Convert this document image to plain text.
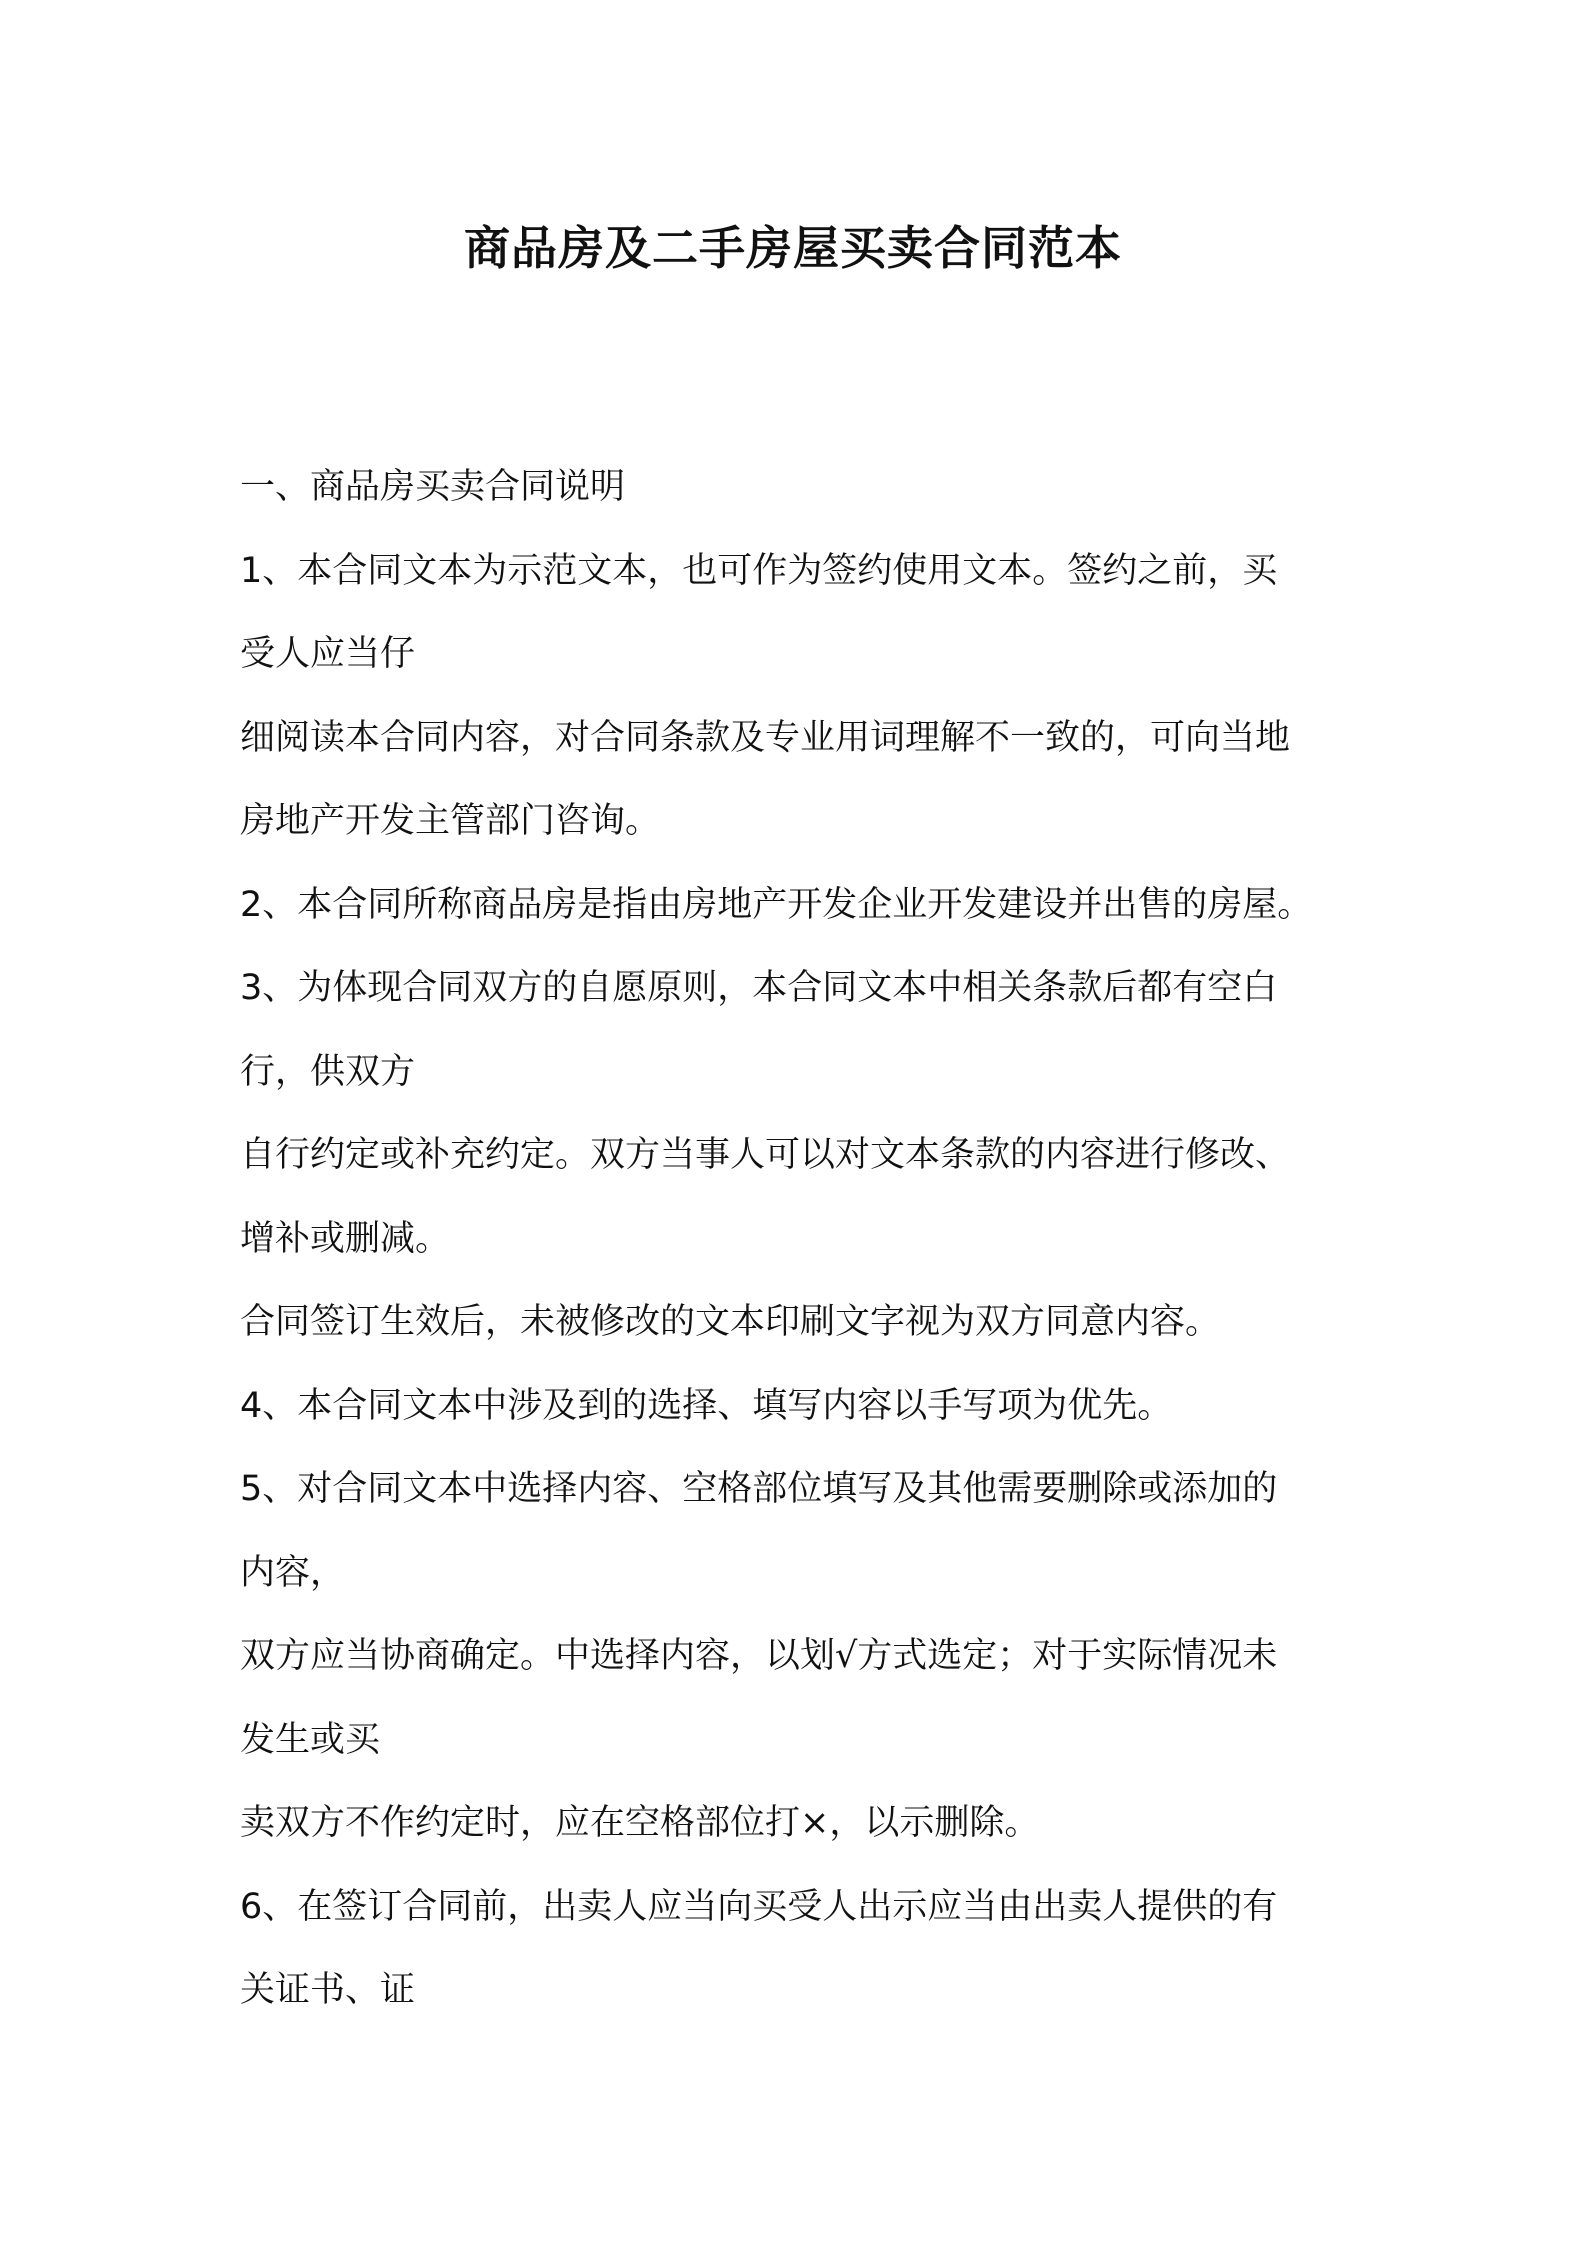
商品房及二手房屋买卖合同范本

一、商品房买卖合同说明

1、本合同文本为示范文本，也可作为签约使用文本。签约之前，买

受人应当仔

细阅读本合同内容，对合同条款及专业用词理解不一致的，可向当地

房地产开发主管部门咨询。

2、本合同所称商品房是指由房地产开发企业开发建设并出售的房屋。

3、为体现合同双方的自愿原则，本合同文本中相关条款后都有空白

行，供双方

自行约定或补充约定。双方当事人可以对文本条款的内容进行修改、

增补或删减。

合同签订生效后，未被修改的文本印刷文字视为双方同意内容。

4、本合同文本中涉及到的选择、填写内容以手写项为优先。

5、对合同文本中选择内容、空格部位填写及其他需要删除或添加的

内容，

双方应当协商确定。中选择内容，以划√方式选定；对于实际情况未

发生或买

卖双方不作约定时，应在空格部位打×，以示删除。

6、在签订合同前，出卖人应当向买受人出示应当由出卖人提供的有

关证书、证
